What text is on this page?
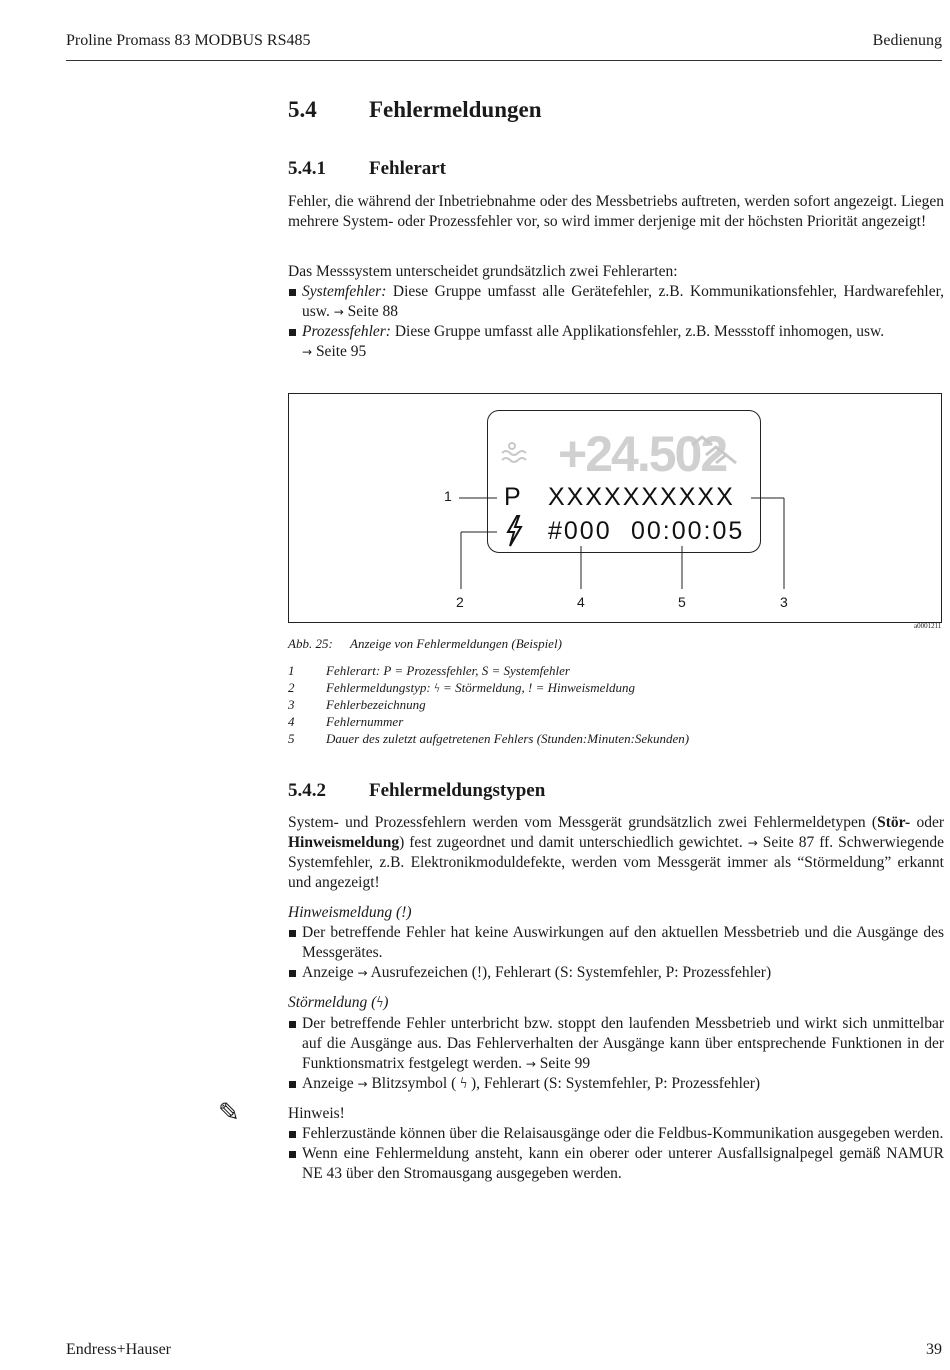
Proline Promass 83 MODBUS RS485	Bedienung
5.4 Fehlermeldungen
5.4.1 Fehlerart
Fehler, die während der Inbetriebnahme oder des Messbetriebs auftreten, werden sofort angezeigt. Liegen mehrere System- oder Prozessfehler vor, so wird immer derjenige mit der höchsten Priorität angezeigt!
Das Messsystem unterscheidet grundsätzlich zwei Fehlerarten:
Systemfehler: Diese Gruppe umfasst alle Gerätefehler, z.B. Kommunikationsfehler, Hardwarefehler, usw. → Seite 88
Prozessfehler: Diese Gruppe umfasst alle Applikationsfehler, z.B. Messstoff inhomogen, usw.
→ Seite 95
+24.502
P XXXXXXXXXX
#000 00:00:05
1
2	4	5	3
a0001211
Abb. 25: Anzeige von Fehlermeldungen (Beispiel)
1	Fehlerart: P = Prozessfehler, S = Systemfehler
2	Fehlermeldungstyp: ϟ = Störmeldung, ! = Hinweismeldung
3	Fehlerbezeichnung
4	Fehlernummer
5	Dauer des zuletzt aufgetretenen Fehlers (Stunden:Minuten:Sekunden)
5.4.2 Fehlermeldungstypen
System- und Prozessfehlern werden vom Messgerät grundsätzlich zwei Fehlermeldetypen (Stör- oder Hinweismeldung) fest zugeordnet und damit unterschiedlich gewichtet. → Seite 87 ff. Schwerwiegende Systemfehler, z.B. Elektronikmoduldefekte, werden vom Messgerät immer als “Störmeldung” erkannt und angezeigt!
Hinweismeldung (!)
Der betreffende Fehler hat keine Auswirkungen auf den aktuellen Messbetrieb und die Ausgänge des Messgerätes.
Anzeige → Ausrufezeichen (!), Fehlerart (S: Systemfehler, P: Prozessfehler)
Störmeldung (ϟ)
Der betreffende Fehler unterbricht bzw. stoppt den laufenden Messbetrieb und wirkt sich unmittelbar auf die Ausgänge aus. Das Fehlerverhalten der Ausgänge kann über entsprechende Funktionen in der Funktionsmatrix festgelegt werden. → Seite 99
Anzeige → Blitzsymbol ( ϟ ), Fehlerart (S: Systemfehler, P: Prozessfehler)
✎	Hinweis!
Fehlerzustände können über die Relaisausgänge oder die Feldbus-Kommunikation ausgegeben werden.
Wenn eine Fehlermeldung ansteht, kann ein oberer oder unterer Ausfallsignalpegel gemäß NAMUR NE 43 über den Stromausgang ausgegeben werden.
Endress+Hauser	39
